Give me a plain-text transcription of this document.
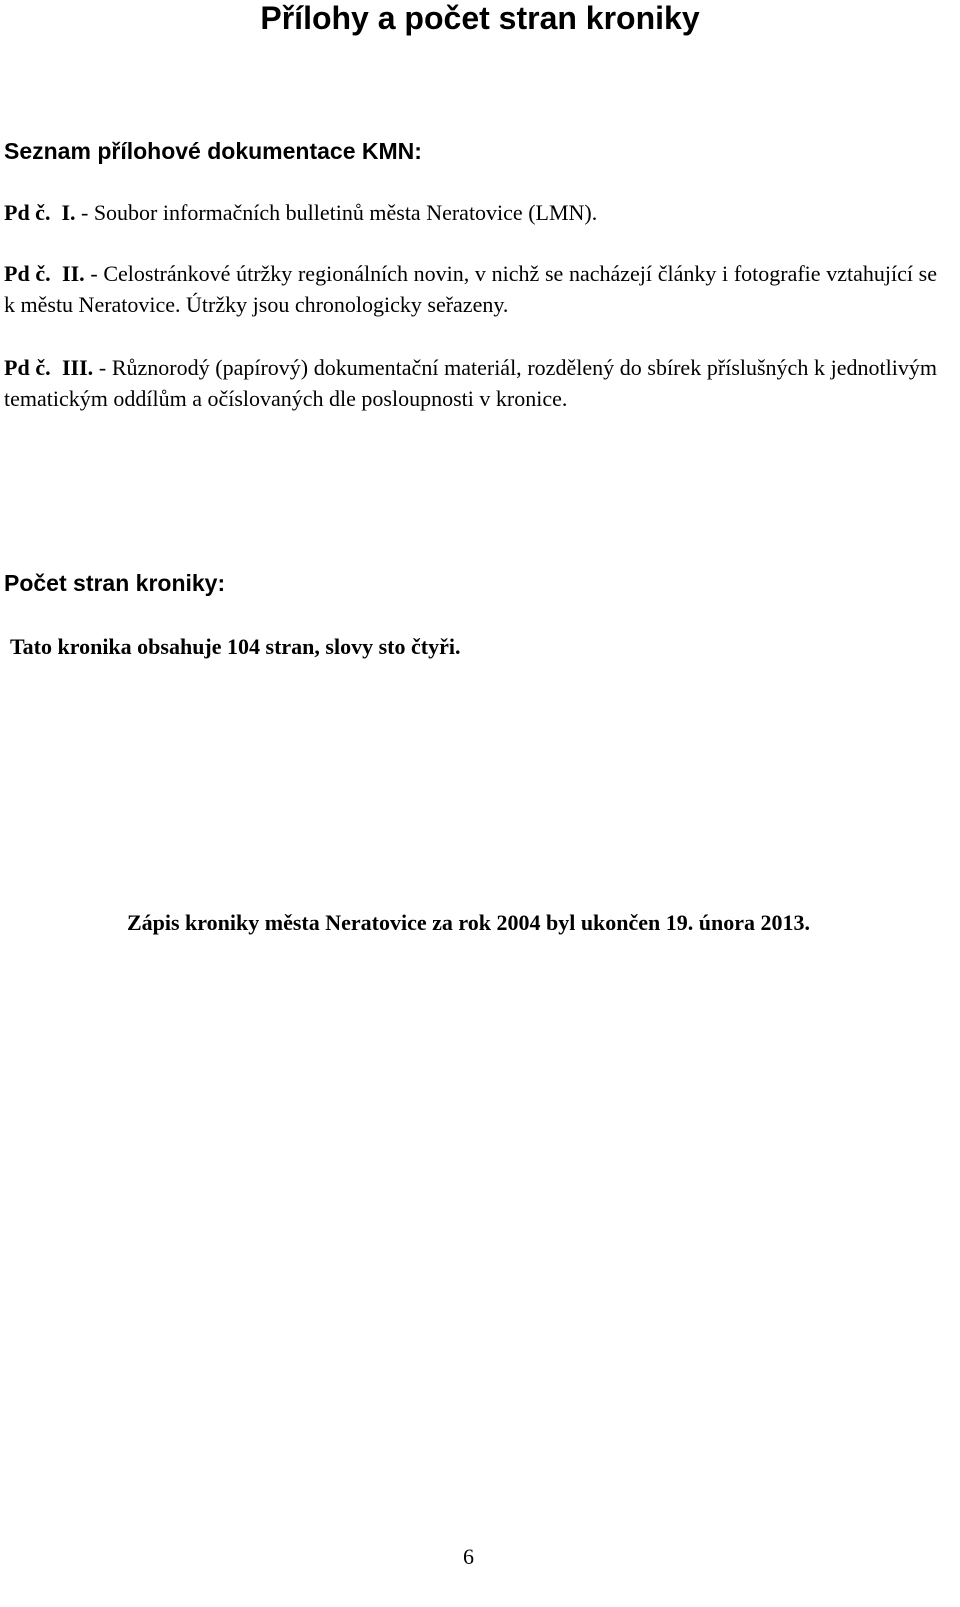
Přílohy a počet stran kroniky
Seznam přílohové dokumentace KMN:

Pd č.  I. - Soubor informačních bulletinů města Neratovice (LMN).

Pd č.  II. - Celostránkové útržky regionálních novin, v nichž se nacházejí články i fotografie vztahující se k městu Neratovice. Útržky jsou chronologicky seřazeny.

Pd č.  III. - Různorodý (papírový) dokumentační materiál, rozdělený do sbírek příslušných k jednotlivým tematickým oddílům a očíslovaných dle posloupnosti v kronice.

Počet stran kroniky:

Tato kronika obsahuje 104 stran, slovy sto čtyři.

Zápis kroniky města Neratovice za rok 2004 byl ukončen 19. února 2013.

6
